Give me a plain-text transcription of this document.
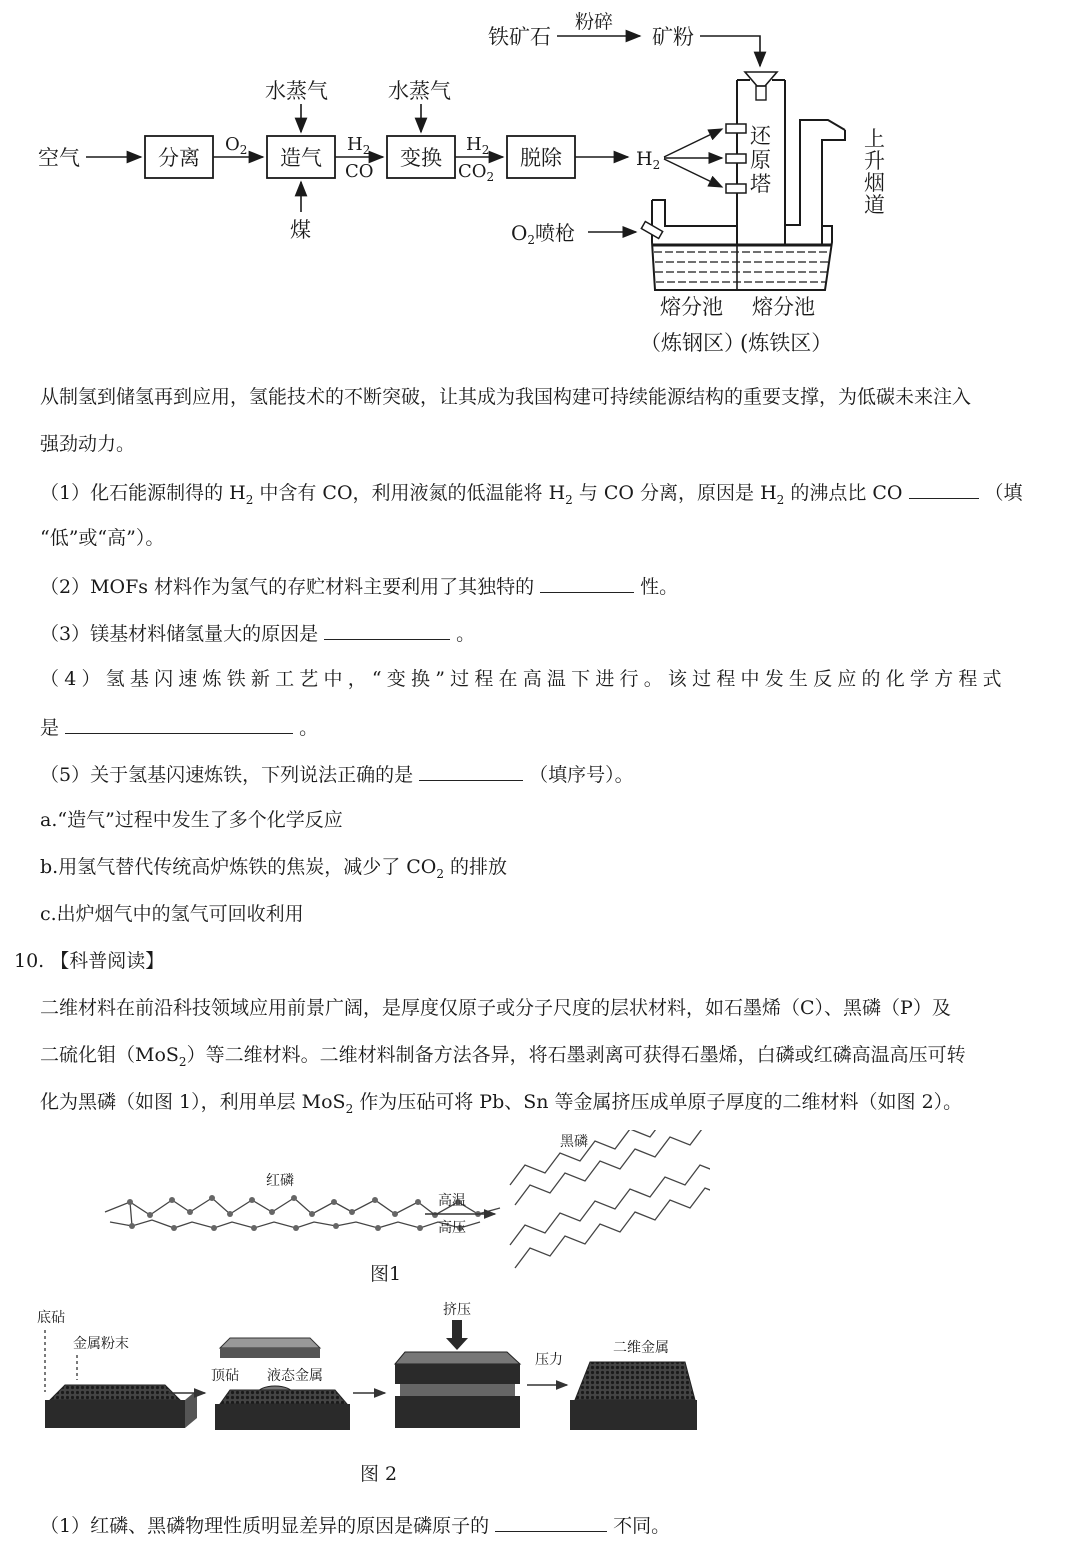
空气	分离
$O_2$ 造气
水蒸气
煤
$H_2$
CO
变换
水蒸气
$H_2$
$CO_2$
脱除	$H_2$
铁矿石
粉碎
矿粉
还
原
塔
上
升
烟
道
$O_2$喷枪
熔分池 熔分池
（炼钢区）
(炼铁区）
从制氢到储氢再到应用，氢能技术的不断突破，让其成为我国构建可持续能源结构的重要支撑，为低碳未来注入
强劲动力。
（1）化石能源制得的 $H_2$ 中含有 CO，利用液氮的低温能将 $H_2$ 与 CO 分离，原因是 $H_2$ 的沸点比 CO	（填
“低”或“高”）。
（2）MOFs 材料作为氢气的存贮材料主要利用了其独特的	性。
（3）镁基材料储氢量大的原因是	。
（4）氢基闪速炼铁新工艺中，“变换”过程在高温下进行。该过程中发生反应的化学方程式
是	。
（5）关于氢基闪速炼铁，下列说法正确的是	（填序号）。
a.“造气”过程中发生了多个化学反应
b.用氢气替代传统高炉炼铁的焦炭，减少了 $CO_2$ 的排放
c.出炉烟气中的氢气可回收利用
10. 【科普阅读】
二维材料在前沿科技领域应用前景广阔，是厚度仅原子或分子尺度的层状材料，如石墨烯（C）、黑磷（P）及
二硫化钼（MoS$_2$）等二维材料。二维材料制备方法各异，将石墨剥离可获得石墨烯，白磷或红磷高温高压可转
化为黑磷（如图 1），利用单层 MoS$_2$ 作为压砧可将 Pb、Sn 等金属挤压成单原子厚度的二维材料（如图 2）。
红磷
高温
高压
黑磷
图1
底砧
金属粉末
顶砧 液态金属
挤压
压力
二维金属
图 2
（1）红磷、黑磷物理性质明显差异的原因是磷原子的	不同。
